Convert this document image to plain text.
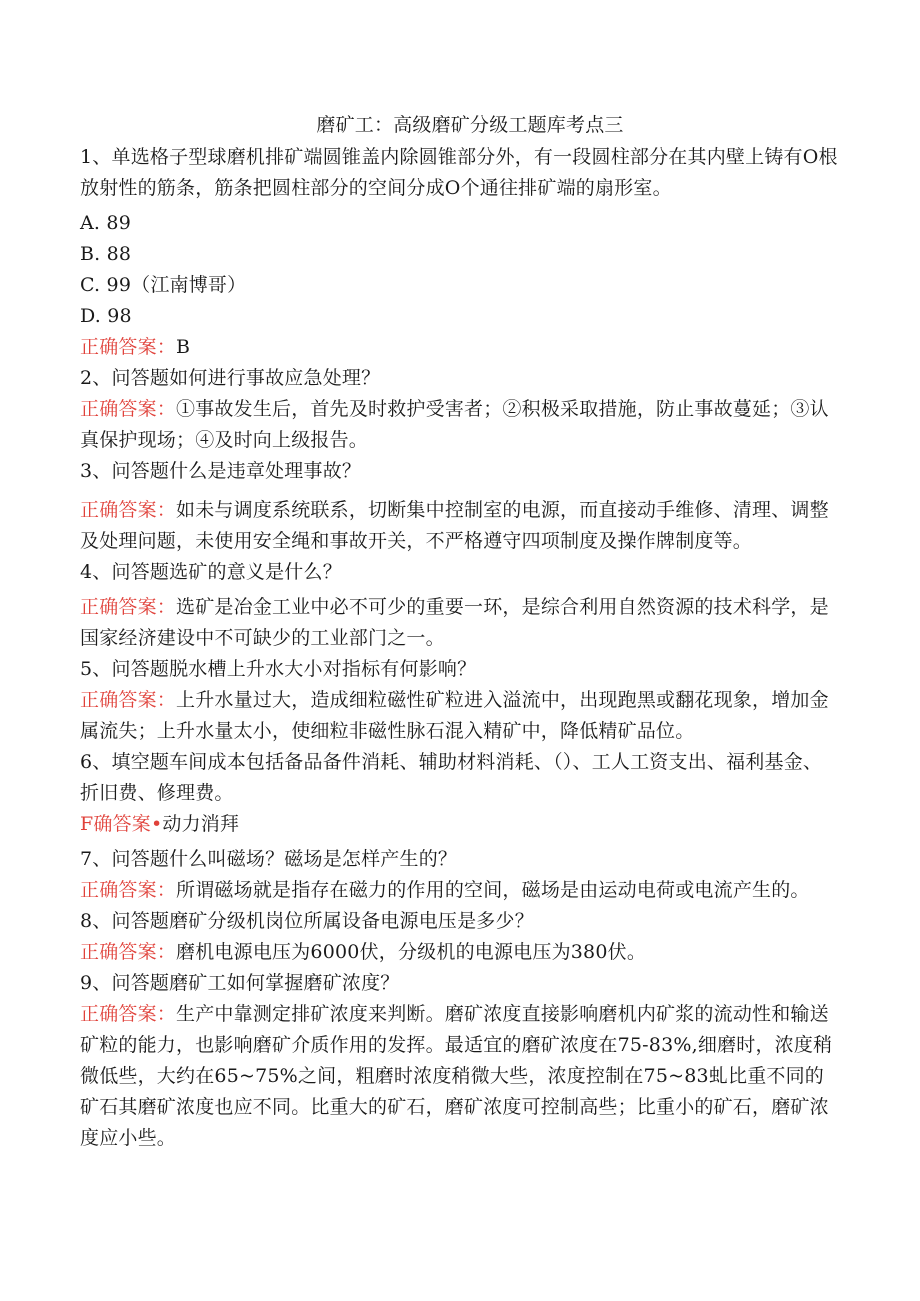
磨矿工：高级磨矿分级工题库考点三
1、单选格子型球磨机排矿端圆锥盖内除圆锥部分外，有一段圆柱部分在其内壁上铸有O根放射性的筋条，筋条把圆柱部分的空间分成O个通往排矿端的扇形室。
A. 89
B. 88
C. 99（江南博哥）
D. 98
正确答案：B
2、问答题如何进行事故应急处理？
正确答案：①事故发生后，首先及时救护受害者；②积极采取措施，防止事故蔓延；③认真保护现场；④及时向上级报告。
3、问答题什么是违章处理事故？
正确答案：如未与调度系统联系，切断集中控制室的电源，而直接动手维修、清理、调整及处理问题，未使用安全绳和事故开关，不严格遵守四项制度及操作牌制度等。
4、问答题选矿的意义是什么？
正确答案：选矿是冶金工业中必不可少的重要一环，是综合利用自然资源的技术科学，是国家经济建设中不可缺少的工业部门之一。
5、问答题脱水槽上升水大小对指标有何影响？
正确答案：上升水量过大，造成细粒磁性矿粒进入溢流中，出现跑黑或翻花现象，增加金属流失；上升水量太小，使细粒非磁性脉石混入精矿中，降低精矿品位。
6、填空题车间成本包括备品备件消耗、辅助材料消耗、（）、工人工资支出、福利基金、折旧费、修理费。
F确答案•动力消拜
7、问答题什么叫磁场？磁场是怎样产生的？
正确答案：所谓磁场就是指存在磁力的作用的空间，磁场是由运动电荷或电流产生的。
8、问答题磨矿分级机岗位所属设备电源电压是多少？
正确答案：磨机电源电压为6000伏，分级机的电源电压为380伏。
9、问答题磨矿工如何掌握磨矿浓度？
正确答案：生产中靠测定排矿浓度来判断。磨矿浓度直接影响磨机内矿浆的流动性和输送矿粒的能力，也影响磨矿介质作用的发挥。最适宜的磨矿浓度在75-83%,细磨时，浓度稍微低些，大约在65~75%之间，粗磨时浓度稍微大些，浓度控制在75~83虬比重不同的矿石其磨矿浓度也应不同。比重大的矿石，磨矿浓度可控制高些；比重小的矿石，磨矿浓度应小些。
